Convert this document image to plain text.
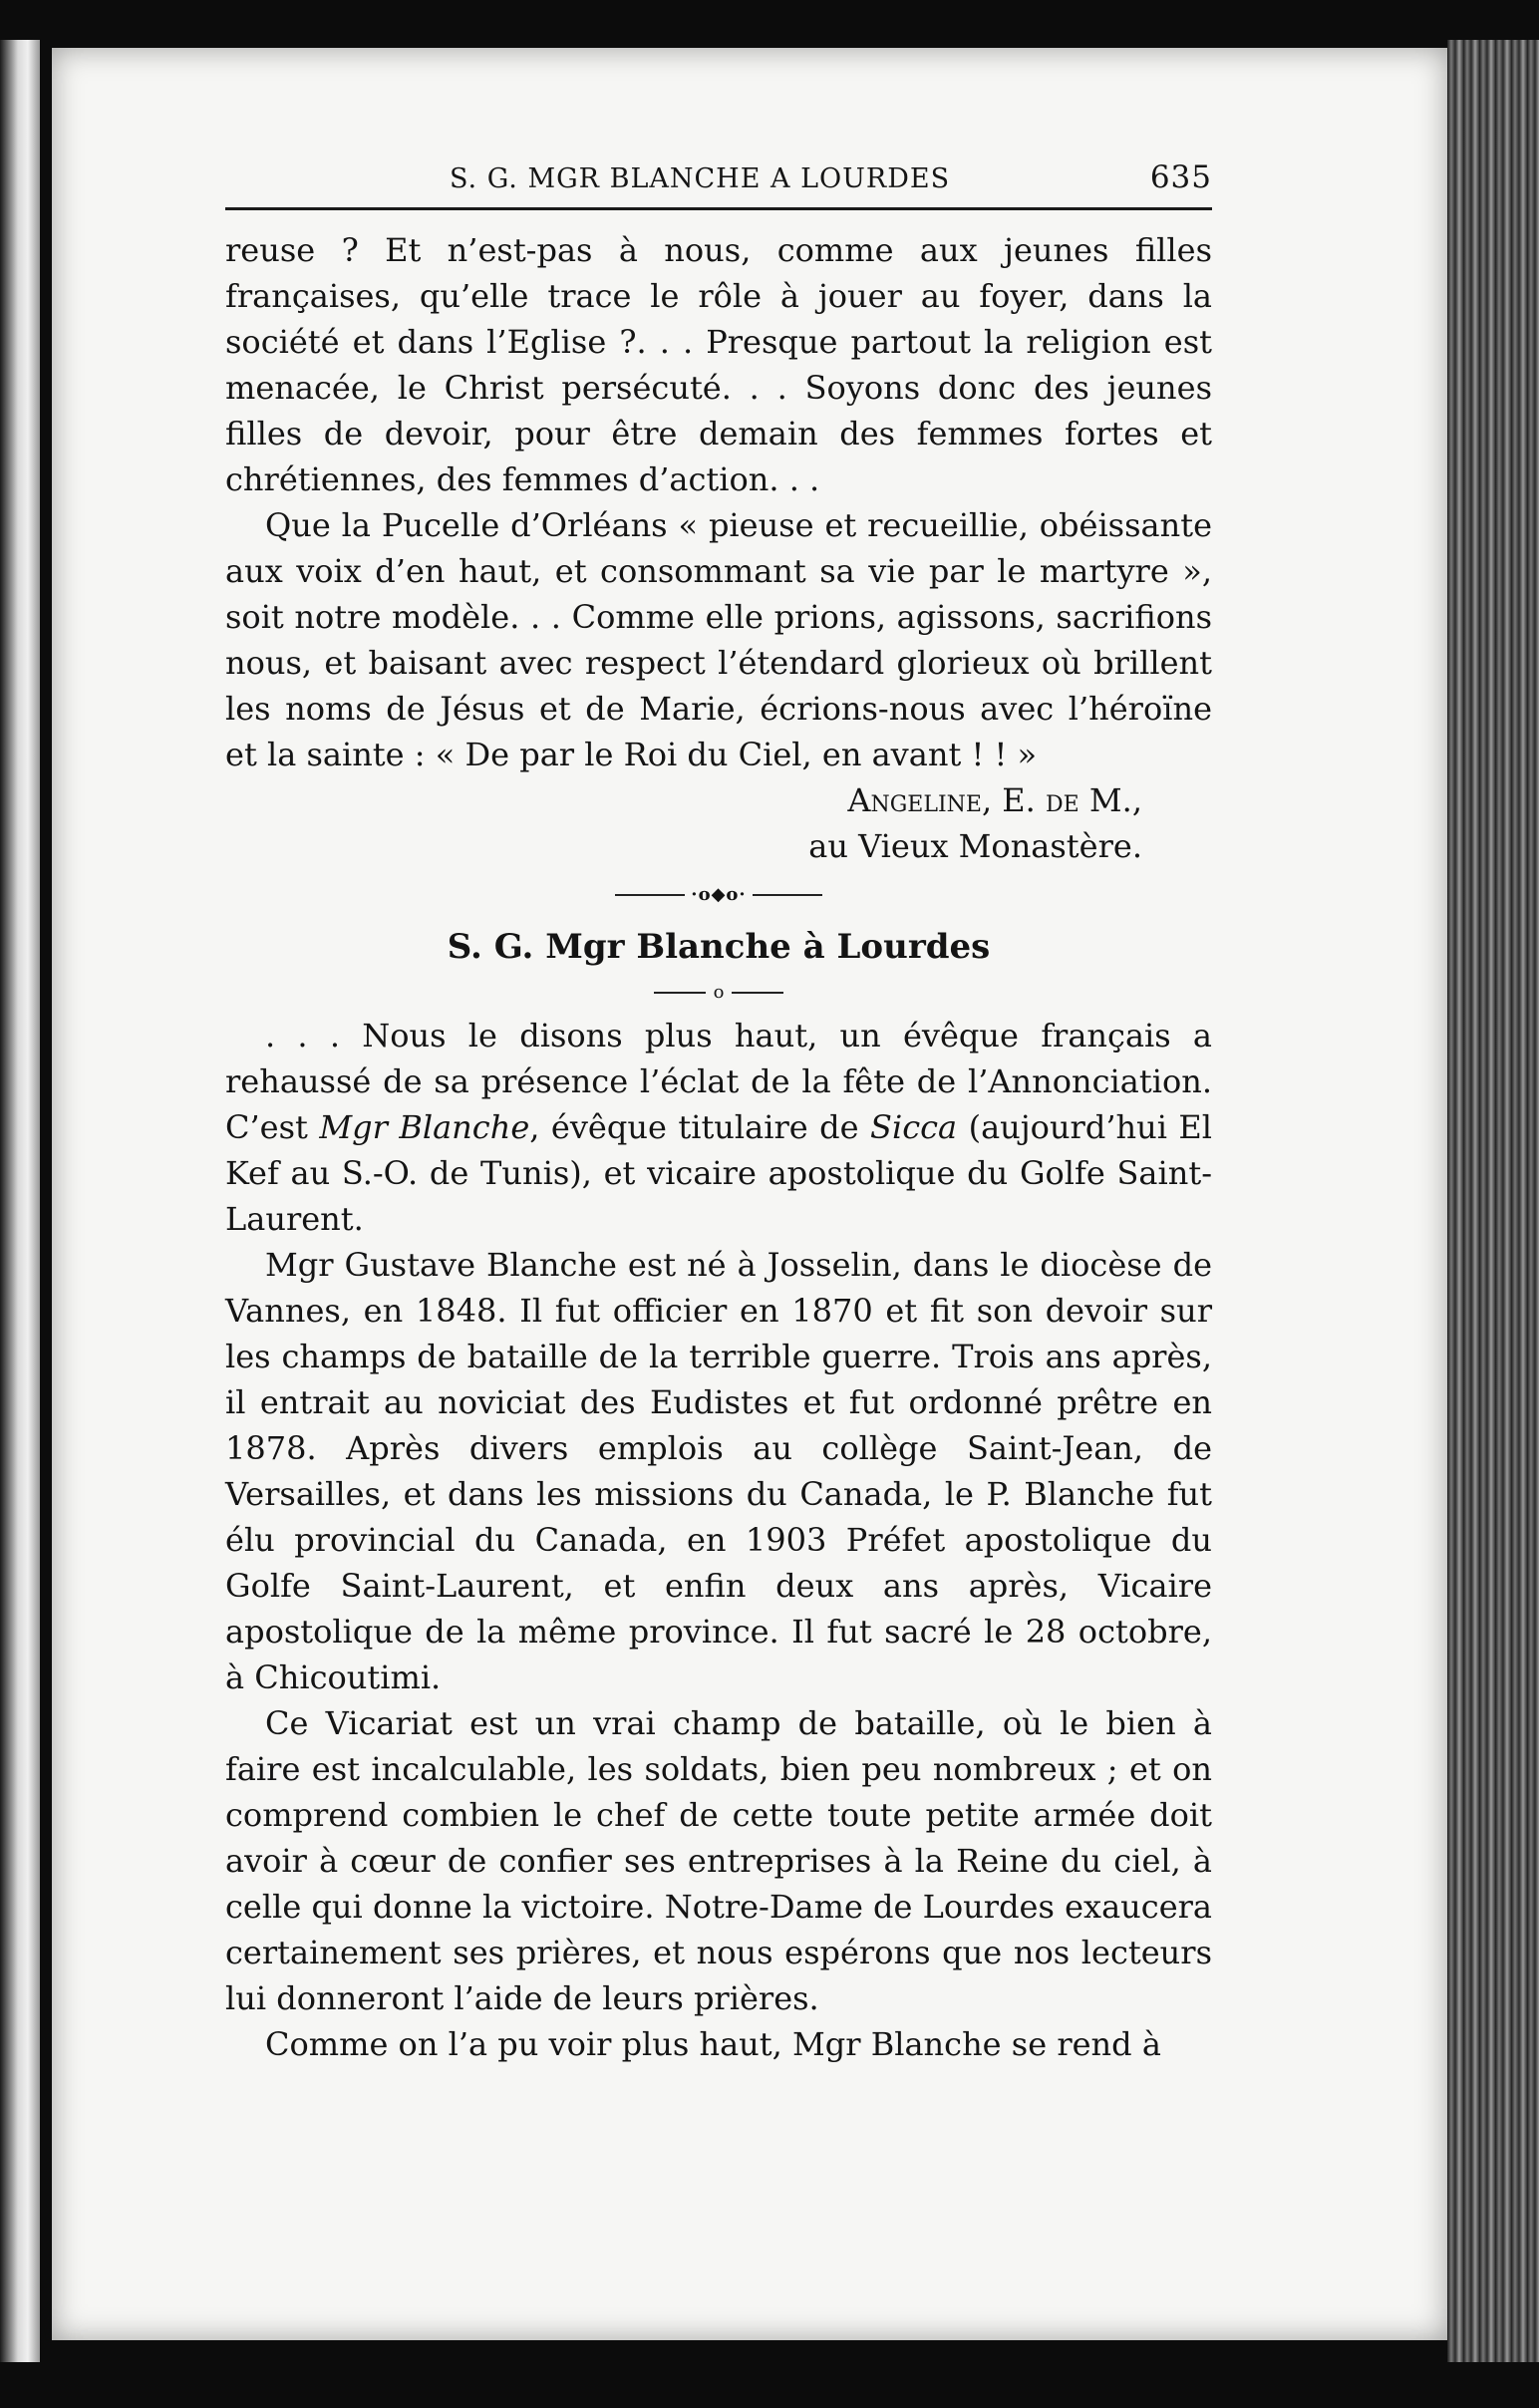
S. G. MGR BLANCHE A LOURDES	635

reuse ? Et n’est-pas à nous, comme aux jeunes filles françaises, qu’elle trace le rôle à jouer au foyer, dans la société et dans l’Eglise ?. . . Presque partout la religion est menacée, le Christ persécuté. . . Soyons donc des jeunes filles de devoir, pour être demain des femmes fortes et chrétiennes, des femmes d’action. . .

Que la Pucelle d’Orléans « pieuse et recueillie, obéissante aux voix d’en haut, et consommant sa vie par le martyre », soit notre modèle. . . Comme elle prions, agissons, sacrifions nous, et baisant avec respect l’étendard glorieux où brillent les noms de Jésus et de Marie, écrions-nous avec l’héroïne et la sainte : « De par le Roi du Ciel, en avant ! ! »

Angeline, E. de M.,
au Vieux Monastère.
·o◆o·
S. G. Mgr Blanche à Lourdes
o

. . . Nous le disons plus haut, un évêque français a rehaussé de sa présence l’éclat de la fête de l’Annonciation. C’est Mgr Blanche, évêque titulaire de Sicca (aujourd’hui El Kef au S.-O. de Tunis), et vicaire apostolique du Golfe Saint-Laurent.

Mgr Gustave Blanche est né à Josselin, dans le diocèse de Vannes, en 1848. Il fut officier en 1870 et fit son devoir sur les champs de bataille de la terrible guerre. Trois ans après, il entrait au noviciat des Eudistes et fut ordonné prêtre en 1878. Après divers emplois au collège Saint-Jean, de Versailles, et dans les missions du Canada, le P. Blanche fut élu provincial du Canada, en 1903 Préfet apostolique du Golfe Saint-Laurent, et enfin deux ans après, Vicaire apostolique de la même province. Il fut sacré le 28 octobre, à Chicoutimi.

Ce Vicariat est un vrai champ de bataille, où le bien à faire est incalculable, les soldats, bien peu nombreux ; et on comprend combien le chef de cette toute petite armée doit avoir à cœur de confier ses entreprises à la Reine du ciel, à celle qui donne la victoire. Notre-Dame de Lourdes exaucera certainement ses prières, et nous espérons que nos lecteurs lui donneront l’aide de leurs prières.

Comme on l’a pu voir plus haut, Mgr Blanche se rend à
